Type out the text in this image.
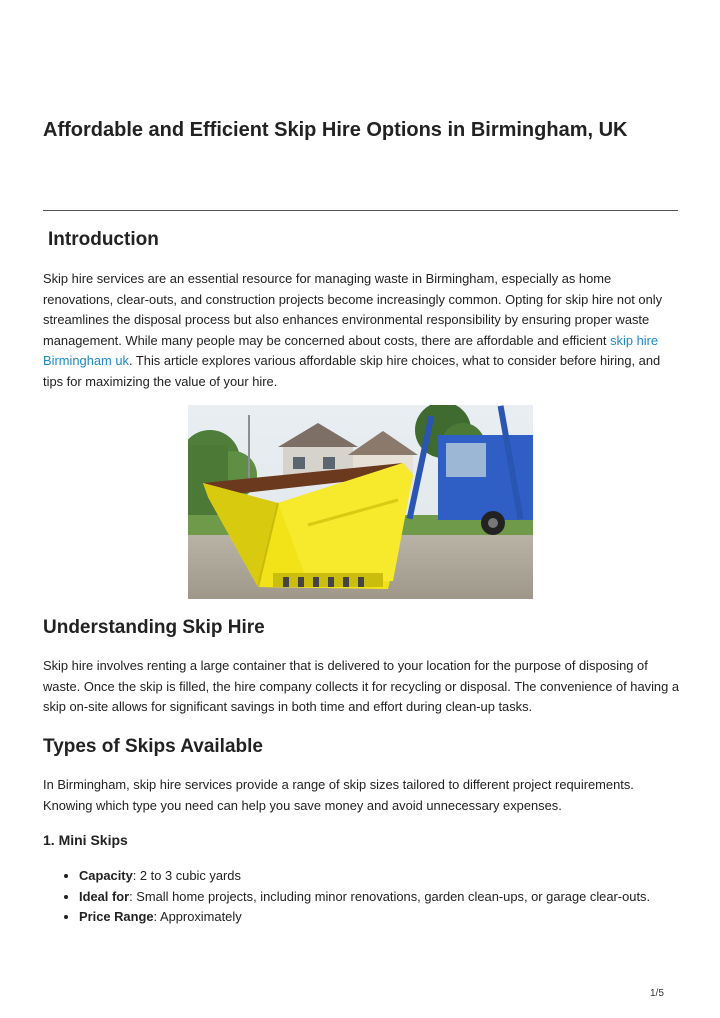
Affordable and Efficient Skip Hire Options in Birmingham, UK
Introduction

Skip hire services are an essential resource for managing waste in Birmingham, especially as home renovations, clear-outs, and construction projects become increasingly common. Opting for skip hire not only streamlines the disposal process but also enhances environmental responsibility by ensuring proper waste management. While many people may be concerned about costs, there are affordable and efficient skip hire Birmingham uk. This article explores various affordable skip hire choices, what to consider before hiring, and tips for maximizing the value of your hire.

Understanding Skip Hire

Skip hire involves renting a large container that is delivered to your location for the purpose of disposing of waste. Once the skip is filled, the hire company collects it for recycling or disposal. The convenience of having a skip on-site allows for significant savings in both time and effort during clean-up tasks.

Types of Skips Available

In Birmingham, skip hire services provide a range of skip sizes tailored to different project requirements. Knowing which type you need can help you save money and avoid unnecessary expenses.

1. Mini Skips
• Capacity: 2 to 3 cubic yards
• Ideal for: Small home projects, including minor renovations, garden clean-ups, or garage clear-outs.
• Price Range: Approximately
1/5
